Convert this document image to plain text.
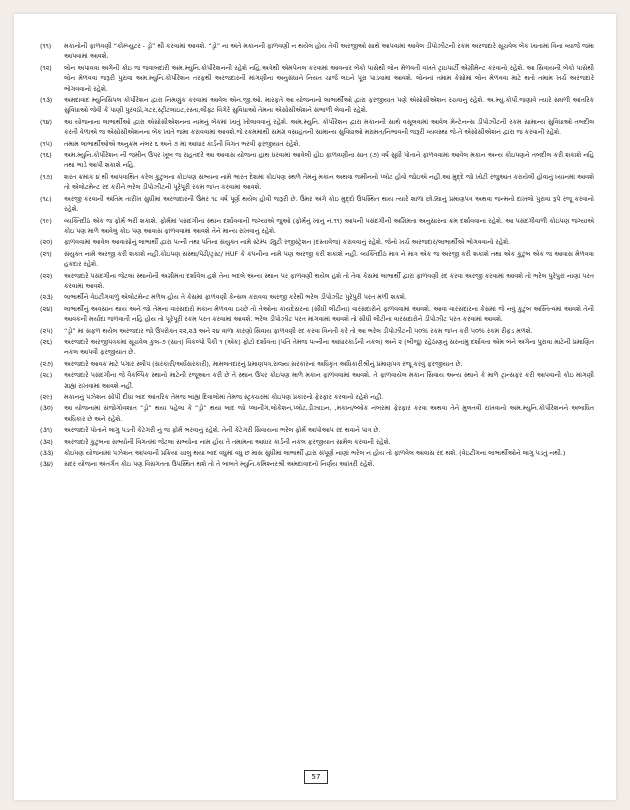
(૧૧)	મકાનોની ફાળવણી “કોમ્પ્યુટર - ડ્રો” થી કરવામાં આવશે. “ડ્રો” ના અંતે મકાનની ફાળવણી ન થયેલ હોય તેવી અરજીઓ સાથે આપવામાં આવેલ ડીપોઝીટની રકમ અરજદારે સૂચવેલ બેંક ખાતામાં વિના વ્યાજે જમા આપવામાં આવશે.
(૧૨)	લોન અપાવવા અંગેની કોઇ જ જવાબદારી અમ.મ્યુનિ.કોર્પોરેશનની રહેશે નહિ.અત્રેથી એમપેનલ કરવામાં આવનાર બેંકો પાસેથી લોન મેળવતી વખતે ટ્રાઇપાર્ટી એગ્રીમેન્ટ કરવાનો રહેશે. આ સિવાયની બેંકો પાસેથી લોન મેળવવા જરૂરી પુરાવા અમ.મ્યુનિ.કોર્પોરેશન તરફથી અરજદારની માંગણીના અનુસંધાને નિયત ચાર્જ લઇને પૂરા પાડવામાં આવશે. લોનનાં તમામ કેસોમાં લોન મેળવવા માટે થતો તમામ ખર્ચ અરજદારે ભોગવવાનો રહેશે.
(૧૩)	અમદાવાદ મ્યુનિસિપલ કોર્પોરેશન દ્વારા નિમણુંક કરવામાં આવેલ એન.જી.ઓ. મારફતે આ યોજનાનો લાભાર્થીઓ દ્વારા ફરજીયાત પણે એસોસીએશન રચવાનું રહેશે. અ.મ્યુ.કોર્પો.જણાવે ત્યારે સઘળી આંતરિક સુવિધાઓ જેવી કે પાણી પુરવઠો,ગટર,સ્ટ્રીટલાઇટ,રસ્તા,લીફ્ટ વિગેરે સુવિધાઓ તેમના એસોસીએશને સંભાળી લેવાની રહેશે.
(૧૪)	આ યોજનાના લાભાર્થીઓ દ્વારા એસોસીએશનના નામનું બેંકમાં ખાતું ખોલાવવાનું રહેશે. અમ.મ્યુનિ. કોર્પોરેશન દ્વારા મકાનની સાથે વસૂલવામાં આવેલ મેન્ટેનન્સ ડીપોઝીટની રકમ સામાન્ય સુવિધાઓ તબદીલ કરતી વેળાએ જ એસોસીએશનના બેંક ખાતે જમા કરાવવામાં આવશે.જે રકમમાંથી સમગ્ર વસાહતની સામાન્ય સુવિધાઓ મરામત/નિભાવની જરૂરી વ્યવસ્થા જે-તે એસોસીએશન દ્વારા જ કરવાની રહેશે.
(૧૫)	તમામ લાભાર્થીઓએ અનુક્રમ નંબર ૬ અને ૭ માં આધાર કાર્ડની વિગત ભરવી ફરજીયાત રહેશે.
(૧૬)	અમ.મ્યુનિ.કોર્પોરેશન ની જમીન ઉપર ખૂબ જ રાહતદરે આ આવાસ યોજના હાથ ધરવામાં આવેલી હોઇ ફાળવણીના સાત (૭) વર્ષ સુધી પોતાને ફાળવવામાં આવેલ મકાન અન્ય કોઇપણને તબદીલ કરી શકાશે નહિ તથા ભાડે આપી શકાશે નહિ.
(૧૭)	શરત ક્રમાંક ૪ થી આપવાથિત કરેલ કુટુંબના કોઇપણ સભ્યના નામે ભારત દેશમાં કોઇપણ સ્થળે તેમનું મકાન અથવા જમીનનો પ્લોટ હોવો જોઇએ નહીં.આ મુદ્દે જો ખોટી રજુઆત કરાયેલી હોવાનું ધ્યાનમાં આવશે તો એલોટમેન્ટ રદ કરીને ભરેલ ડીપોઝીટની પૂરેપૂરી રકમ જપ્ત કરવામાં આવશે.
(૧૮)	અરજી કરવાની અંતિમ તારીખ સુધીમાં અરજદારની ઉંમર ૧૮ વર્ષ પૂર્ણ થયેલ હોવી જરૂરી છે. ઉંમર અંગે કોઇ મુદ્દો ઉપસ્થિત થાય ત્યારે શાળા છોડ્યાનું પ્રમાણપત્ર અથવા જન્મનો દાખલો પુરાવા રૂપે રજૂ કરવાનો રહેશે.
(૧૯)	વ્યક્તિદીઠ એક જ ફોર્મ ભરી શકાશે. ફોર્મમાં પસંદગીના સ્થાન દર્શાવવાની જગ્યાએ જુઓ (ફોર્મનું ખાનું નં.૧૧) આપની પસંદગીની અગ્રિમતા અનુસારના ક્રમ દર્શાવવાના રહેશે. આ પસંદગીવાળી કોઇપણ જગ્યાએ કોઇ પણ માળે આવેલું કોઇ પણ આવાસ ફાળવવામાં આવશે તેને માન્ય રાખવાનું રહેશે.
(૨૦)	ફાળવવામાં આવેલ આવાસોનું લાભાર્થી દ્વારા પત્ની તથા પતિના સંયુક્ત નામે સ્ટેમ્પ ડ્યુટી રજીસ્ટ્રેશન (દસ્તાવેજ) કરાવવાનું રહેશે. જેનો ખર્ચ અરજદાર/લાભાર્થીએ ભોગવવાનો રહેશે.
(૨૧)	સંયુક્ત નામે અરજી કરી શકાશે નહીં.કોઇપણ સંસ્થા/પેઢી/ટ્રસ્ટ/ HUF કે કંપનીના નામે પણ અરજી કરી શકાશે નહીં. વ્યક્તિદીઠ માત્ર ને માત્ર એક જ અરજી કરી શકાશે તથા એક કુટુંબ એક જ આવાસ મેળવવા હકદાર રહેશે.
(૨૨)	અરજદારે પસંદગીના જેટલા સ્થાનોની અગ્રીમતા દર્શાવેલ હશે તેના બદલે અન્ય સ્થાન પર ફાળવણી થયેલ હશે તો તેવા કેસમાં લાભાર્થી દ્વારા ફાળવણી રદ કરવા અરજી કરવામાં આવશે તો ભરેલ પુરેપુરાં નાણાં પરત કરવામાં આવશે.
(૨૩)	લાભાર્થીને વેઇટીંગવાળું એલોટમેન્ટ મળેલ હોય તે કેસમાં ફાળવણી કેન્સલ કરાવવા અરજી કરેથી ભરેલ ડીપોઝીટ પુરેપુરી પરત મળી શકશે.
(૨૪)	લાભાર્થીનું અવસાન થાય અને જો તેમના વારસદારો મકાન મેળવવા ઇચ્છે તો તેઓના કાયદેસરના (સીધી લીટીના) વારસદારોને ફાળવવામાં આવશે. આવા વારસદારના કેસમાં જે નવું કુટુંબ અસ્તિત્વમાં આવશે તેની આવકની મર્યાદા જળવાતી નહિ હોય તો પૂરેપૂરી રકમ પરત કરવામાં આવશે. ભરેલ ડીપોઝીટ પરત માંગવામાં આવશે તો સીધી લીટીના વારસદારોને ડીપોઝીટ પરત કરવામાં આવશે.
(૨૫)	“ડ્રો” માં સફળ થયેલ અરજદાર જો ઉપરોક્ત ૨૨,૨૩ અને ૨૪ વાળા કારણો સિવાય ફાળવણી રદ કરવા વિનંતી કરે તો આ ભરેલ ડીપોઝીટની ૫૦% રકમ જપ્ત કરી ૫૦% રકમ રીફંડ મળશે.
(૨૬)	અરજદારે અરજીપત્રકમાં સૂચવેલ કુલ-૭ (સાત) વિકલ્પો પૈકી ૧ (એક) ફોટો દર્શાવતા (પતિ તેમજ પત્નીના આધારકાર્ડની નકલ) અને ૨ (બીજું) રહેઠાણનું સરનામું દર્શાવતા એમ બંને અંગેના પુરાવા માટેની પ્રમાણિત નકલ આપવી ફરજીયાત છે.
(૨૭)	અરજદારે આવક માટે પગાર સ્લીપ (સરકારી/અર્ધસરકારી), મામલતદારનું પ્રમાણપત્ર,રાજ્ય સરકારનાં અધિકૃત અધિકારીશ્રીનું પ્રમાણપત્ર રજૂ કરવું ફરજીયાત છે.
(૨૮)	અરજદારે પસંદગીના જે વૈકલ્પિક સ્થાનો માટેની રજૂઆત કરી છે તે સ્થાન ઉપર કોઇપણ માળે મકાન ફાળવવામાં આવશે. તે ફાળવાયેલ મકાન સિવાય અન્ય સ્થાને કે માળે ટ્રાન્સફર કરી આપવાની કોઇ માંગણી ગ્રાહ્ય રાખવામાં આવશે નહીં.
(૨૯)	મકાનનું પઝેશન સોંપી દીધા બાદ આંતરિક તેમજ બાહ્ય દિવાલોમાં તેમજ સ્ટ્રક્ચરમાં કોઇપણ પ્રકારનો ફેરફાર કરવાનો રહેશે નહીં.
(૩૦)	આ યોજનામાં સંજોગોવશાત “ડ્રો” થયા પહેલા કે “ડ્રો” થયા બાદ જો પ્લાનીંગ,લોકેશન,પ્લોટ,ડીઝાઇન, ,મકાન/બ્લોક નંબરમાં ફેરફાર કરવા અથવા તેને મુલતવી રાખવાનો અમ.મ્યુનિ.કોર્પોરેશનને અબાધિત અધિકાર છે અને રહેશે.
(૩૧)	અરજદારે પોતાને લાગુ પડતી કેટેગરી નું જ ફોર્મ ભરવાનું રહેશે. તેની કેટેગરી સિવાયના ભરેલ ફોર્મ આપોઆપ રદ થવાને પાત્ર છે.
(૩૨)	અરજદારે કુટુંબના સભ્યોની વિગતમાં જેટલા સભ્યોના નામ હોય તે તમામના આધાર કાર્ડની નકલ ફરજીયાત સામેલ કરવાની રહેશે.
(૩૩)	કોઇપણ યોજનામાં પઝેશન આપવાની પ્રક્રિયા ચાલુ થયા બાદ વધુમાં વધુ છ માસ સુધીમાં લાભાર્થી દ્વારા સંપૂર્ણ નાણાં ભરેલ ન હોય તો ફાળવેલ આવાસ રદ થશે. (વેઇટીંગના લાભાર્થીઓને લાગુ પડતું નથી.)
(૩૪)	સદર યોજના અંતર્ગત કોઇ પણ વિસંગતતા ઉપસ્થિત થશે તો તે બાબતે મ્યુનિ.કમિશ્નરશ્રી અમદાવાદનો નિર્ણય આખરી રહેશે.
57
